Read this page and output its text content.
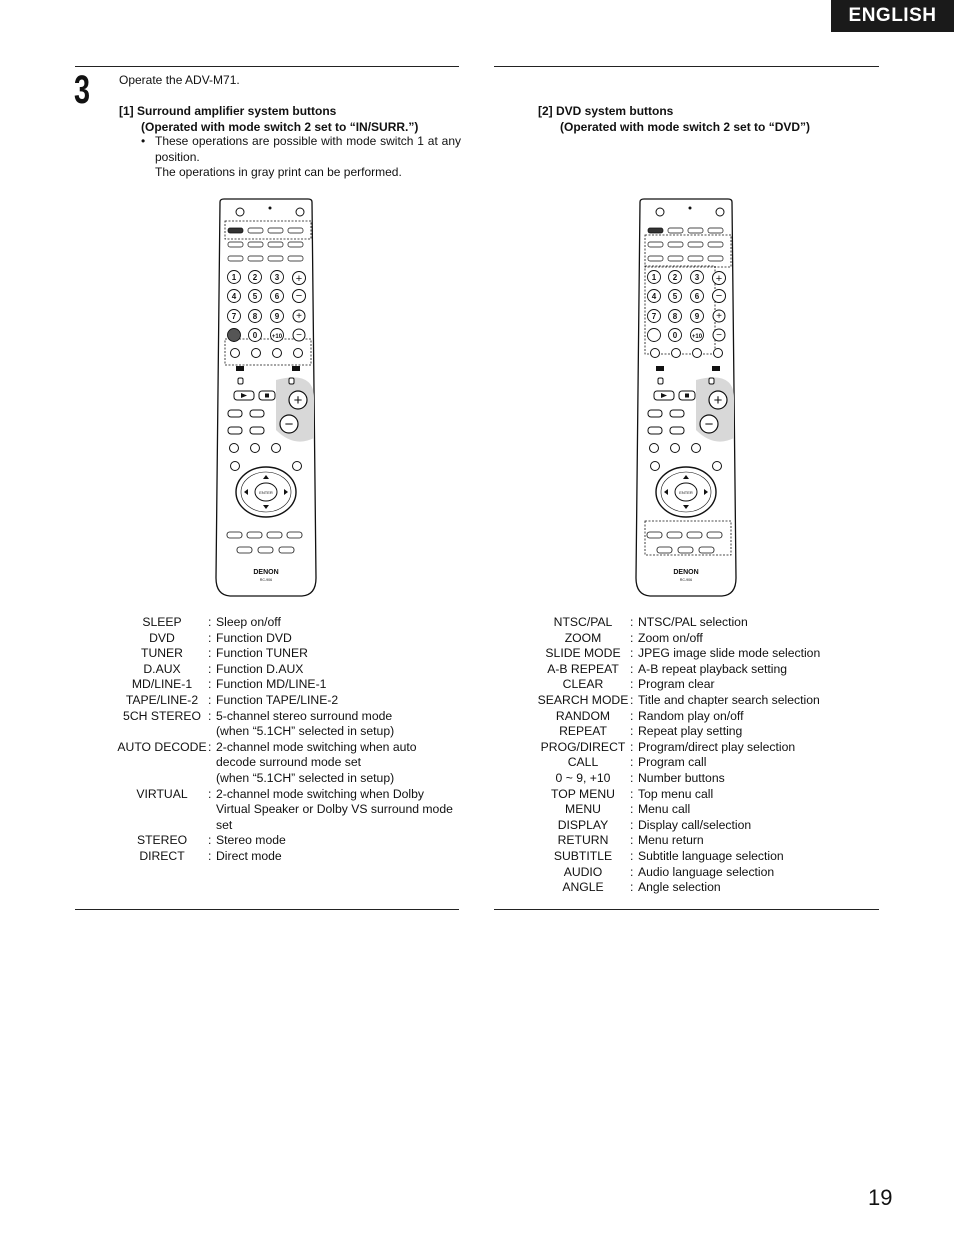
ENGLISH
3 Operate the ADV-M71.
[1] Surround amplifier system buttons
(Operated with mode switch 2 set to “IN/SURR.”)
• These operations are possible with mode switch 1 at any position.
The operations in gray print can be performed.
[2] DVD system buttons
(Operated with mode switch 2 set to “DVD”)
1 2 3
4 5 6
7 8 9
0 +10
+
−
+
−
+
−
ENTER
DENON
RC-906
1 2 3
4 5 6
7 8 9
0 +10
+
−
+
−
+
−
ENTER
DENON
RC-906
SLEEP	: Sleep on/off
DVD	: Function DVD
TUNER	: Function TUNER
D.AUX	: Function D.AUX
MD/LINE-1	: Function MD/LINE-1
TAPE/LINE-2 : Function TAPE/LINE-2
5CH STEREO : 5-channel stereo surround mode
(when “5.1CH” selected in setup)
AUTO DECODE : 2-channel mode switching when auto
decode surround mode set
(when “5.1CH” selected in setup)
VIRTUAL	: 2-channel mode switching when Dolby
Virtual Speaker or Dolby VS surround mode
set
STEREO	: Stereo mode
DIRECT	: Direct mode
NTSC/PAL	: NTSC/PAL selection
ZOOM	: Zoom on/off
SLIDE MODE : JPEG image slide mode selection
A-B REPEAT : A-B repeat playback setting
CLEAR	: Program clear
SEARCH MODE : Title and chapter search selection
RANDOM	: Random play on/off
REPEAT	: Repeat play setting
PROG/DIRECT : Program/direct play selection
CALL	: Program call
0 ~ 9, +10	: Number buttons
TOP MENU	: Top menu call
MENU	: Menu call
DISPLAY	: Display call/selection
RETURN	: Menu return
SUBTITLE	: Subtitle language selection
AUDIO	: Audio language selection
ANGLE	: Angle selection
19
